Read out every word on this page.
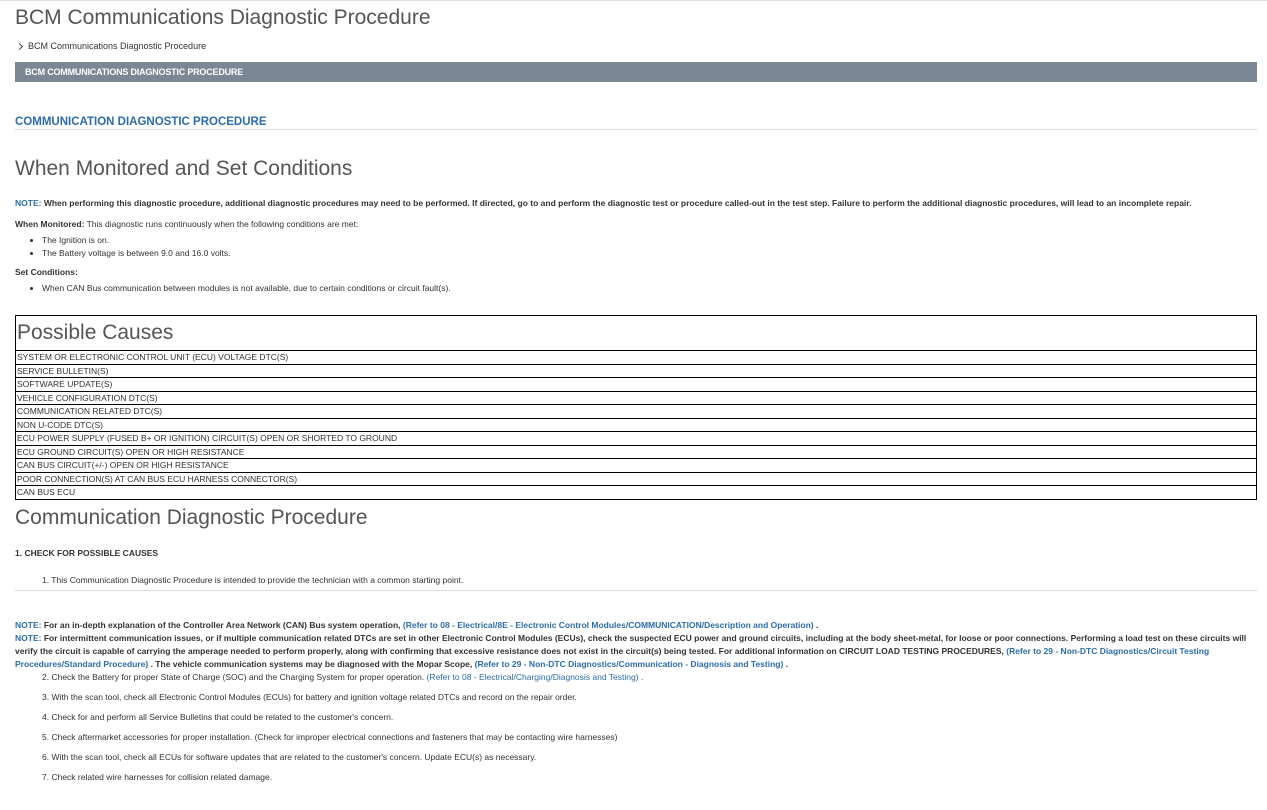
BCM Communications Diagnostic Procedure
BCM Communications Diagnostic Procedure
BCM COMMUNICATIONS DIAGNOSTIC PROCEDURE
COMMUNICATION DIAGNOSTIC PROCEDURE
When Monitored and Set Conditions
NOTE: When performing this diagnostic procedure, additional diagnostic procedures may need to be performed. If directed, go to and perform the diagnostic test or procedure called-out in the test step. Failure to perform the additional diagnostic procedures, will lead to an incomplete repair.
When Monitored: This diagnostic runs continuously when the following conditions are met:
• The Ignition is on.
• The Battery voltage is between 9.0 and 16.0 volts.
Set Conditions:
• When CAN Bus communication between modules is not available, due to certain conditions or circuit fault(s).
Possible Causes
SYSTEM OR ELECTRONIC CONTROL UNIT (ECU) VOLTAGE DTC(S)
SERVICE BULLETIN(S)
SOFTWARE UPDATE(S)
VEHICLE CONFIGURATION DTC(S)
COMMUNICATION RELATED DTC(S)
NON U-CODE DTC(S)
ECU POWER SUPPLY (FUSED B+ OR IGNITION) CIRCUIT(S) OPEN OR SHORTED TO GROUND
ECU GROUND CIRCUIT(S) OPEN OR HIGH RESISTANCE
CAN BUS CIRCUIT(+/-) OPEN OR HIGH RESISTANCE
POOR CONNECTION(S) AT CAN BUS ECU HARNESS CONNECTOR(S)
CAN BUS ECU
Communication Diagnostic Procedure
1. CHECK FOR POSSIBLE CAUSES
1. This Communication Diagnostic Procedure is intended to provide the technician with a common starting point.
NOTE: For an in-depth explanation of the Controller Area Network (CAN) Bus system operation, (Refer to 08 - Electrical/8E - Electronic Control Modules/COMMUNICATION/Description and Operation) .
NOTE: For intermittent communication issues, or if multiple communication related DTCs are set in other Electronic Control Modules (ECUs), check the suspected ECU power and ground circuits, including at the body sheet-metal, for loose or poor connections. Performing a load test on these circuits will verify the circuit is capable of carrying the amperage needed to perform properly, along with confirming that excessive resistance does not exist in the circuit(s) being tested. For additional information on CIRCUIT LOAD TESTING PROCEDURES, (Refer to 29 - Non-DTC Diagnostics/Circuit Testing Procedures/Standard Procedure) . The vehicle communication systems may be diagnosed with the Mopar Scope, (Refer to 29 - Non-DTC Diagnostics/Communication - Diagnosis and Testing) .
2. Check the Battery for proper State of Charge (SOC) and the Charging System for proper operation. (Refer to 08 - Electrical/Charging/Diagnosis and Testing) .
3. With the scan tool, check all Electronic Control Modules (ECUs) for battery and ignition voltage related DTCs and record on the repair order.
4. Check for and perform all Service Bulletins that could be related to the customer's concern.
5. Check aftermarket accessories for proper installation. (Check for improper electrical connections and fasteners that may be contacting wire harnesses)
6. With the scan tool, check all ECUs for software updates that are related to the customer's concern. Update ECU(s) as necessary.
7. Check related wire harnesses for collision related damage.
